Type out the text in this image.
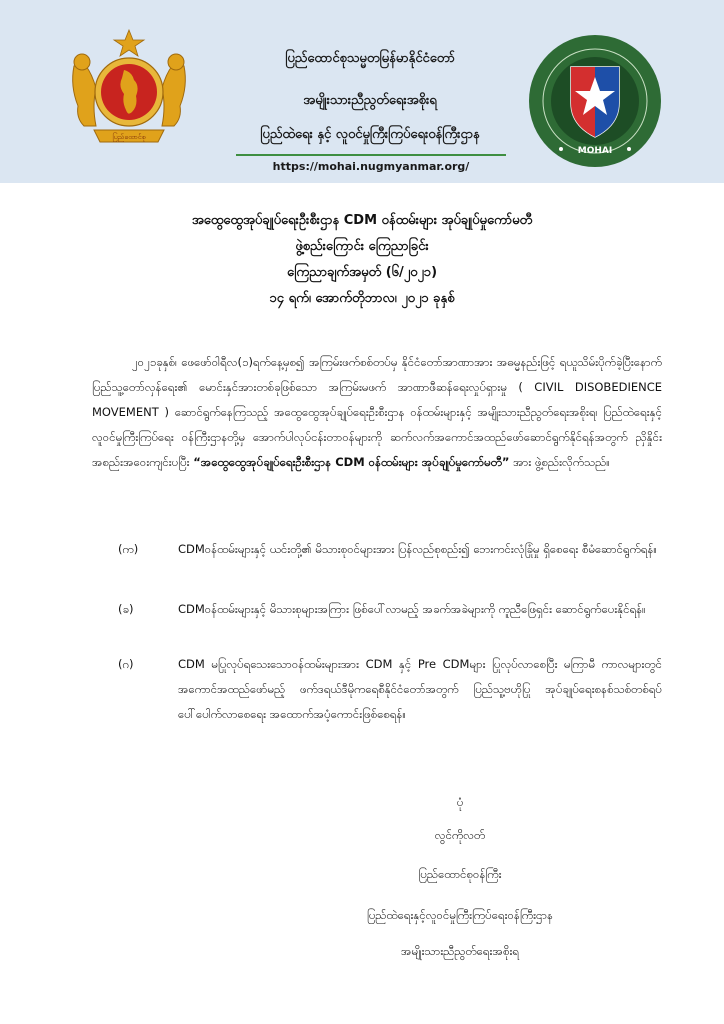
ပြည်ထောင်စု
ပြည်ထောင်စုသမ္မတမြန်မာနိုင်ငံတော်
အမျိုးသားညီညွတ်ရေးအစိုးရ
ပြည်ထဲရေး နှင့် လူဝင်မှုကြီးကြပ်ရေးဝန်ကြီးဌာန
https://mohai.nugmyanmar.org/
MOHAI
အထွေထွေအုပ်ချုပ်ရေးဦးစီးဌာန CDM ဝန်ထမ်းများ အုပ်ချုပ်မှုကော်မတီ
ဖွဲ့စည်းကြောင်း ကြေညာခြင်း
ကြေညာချက်အမှတ် (၆/၂၀၂၁)
၁၄ ရက်၊ အောက်တိုဘာလ၊ ၂၀၂၁ ခုနှစ်
၂၀၂၁ခုနှစ်၊ ဖေဖော်ဝါရီလ(၁)ရက်နေ့မှစ၍ အကြမ်းဖက်စစ်တပ်မှ နိုင်ငံတော်အာဏာအား အဓမ္မနည်းဖြင့် ရယူသိမ်းပိုက်ခဲ့ပြီးနောက် ပြည်သူ့တော်လှန်ရေး၏ မောင်းနှင်အားတစ်ခုဖြစ်သော အကြမ်းမဖက် အာဏာဖီဆန်ရေးလှုပ်ရှားမှု ( CIVIL DISOBEDIENCE MOVEMENT ) ဆောင်ရွက်နေကြသည့် အထွေထွေအုပ်ချုပ်ရေးဦးစီးဌာန ဝန်ထမ်းများနှင့် အမျိုးသားညီညွတ်ရေးအစိုးရ၊ ပြည်ထဲရေးနှင့်လူဝင်မှုကြီးကြပ်ရေး ဝန်ကြီးဌာနတို့မှ အောက်ပါလုပ်ငန်းတာဝန်များကို ဆက်လက်အကောင်အထည်ဖော်ဆောင်ရွက်နိုင်ရန်အတွက် ညှိနှိုင်းအစည်းအဝေးကျင်းပပြီး “အထွေထွေအုပ်ချုပ်ရေးဦးစီးဌာန CDM ဝန်ထမ်းများ အုပ်ချုပ်မှုကော်မတီ” အား ဖွဲ့စည်းလိုက်သည်။
(က)	CDMဝန်ထမ်းများနှင့် ယင်းတို့၏ မိသားစုဝင်များအား ပြန်လည်စုစည်း၍ ဘေးကင်းလုံခြုံမှု ရှိစေရေး စီမံဆောင်ရွက်ရန်။
(ခ)	CDMဝန်ထမ်းများနှင့် မိသားစုများအကြား ဖြစ်ပေါ်လာမည့် အခက်အခဲများကို ကူညီဖြေရှင်း ဆောင်ရွက်ပေးနိုင်ရန်။
(ဂ)	CDM မပြုလုပ်ရသေးသောဝန်ထမ်းများအား CDM နှင့် Pre CDMများ ပြုလုပ်လာစေပြီး မကြာမီ ကာလများတွင် အကောင်အထည်ဖော်မည့် ဖက်ဒရယ်ဒီမိုကရေစီနိုင်ငံတော်အတွက် ပြည်သူ့ဗဟိုပြု အုပ်ချုပ်ရေးစနစ်သစ်တစ်ရပ် ပေါ်ပေါက်လာစေရေး အထောက်အပံ့ကောင်းဖြစ်စေရန်။
ပုံ
လွင်ကိုလတ်
ပြည်ထောင်စုဝန်ကြီး
ပြည်ထဲရေးနှင့်လူဝင်မှုကြီးကြပ်ရေးဝန်ကြီးဌာန
အမျိုးသားညီညွတ်ရေးအစိုးရ
